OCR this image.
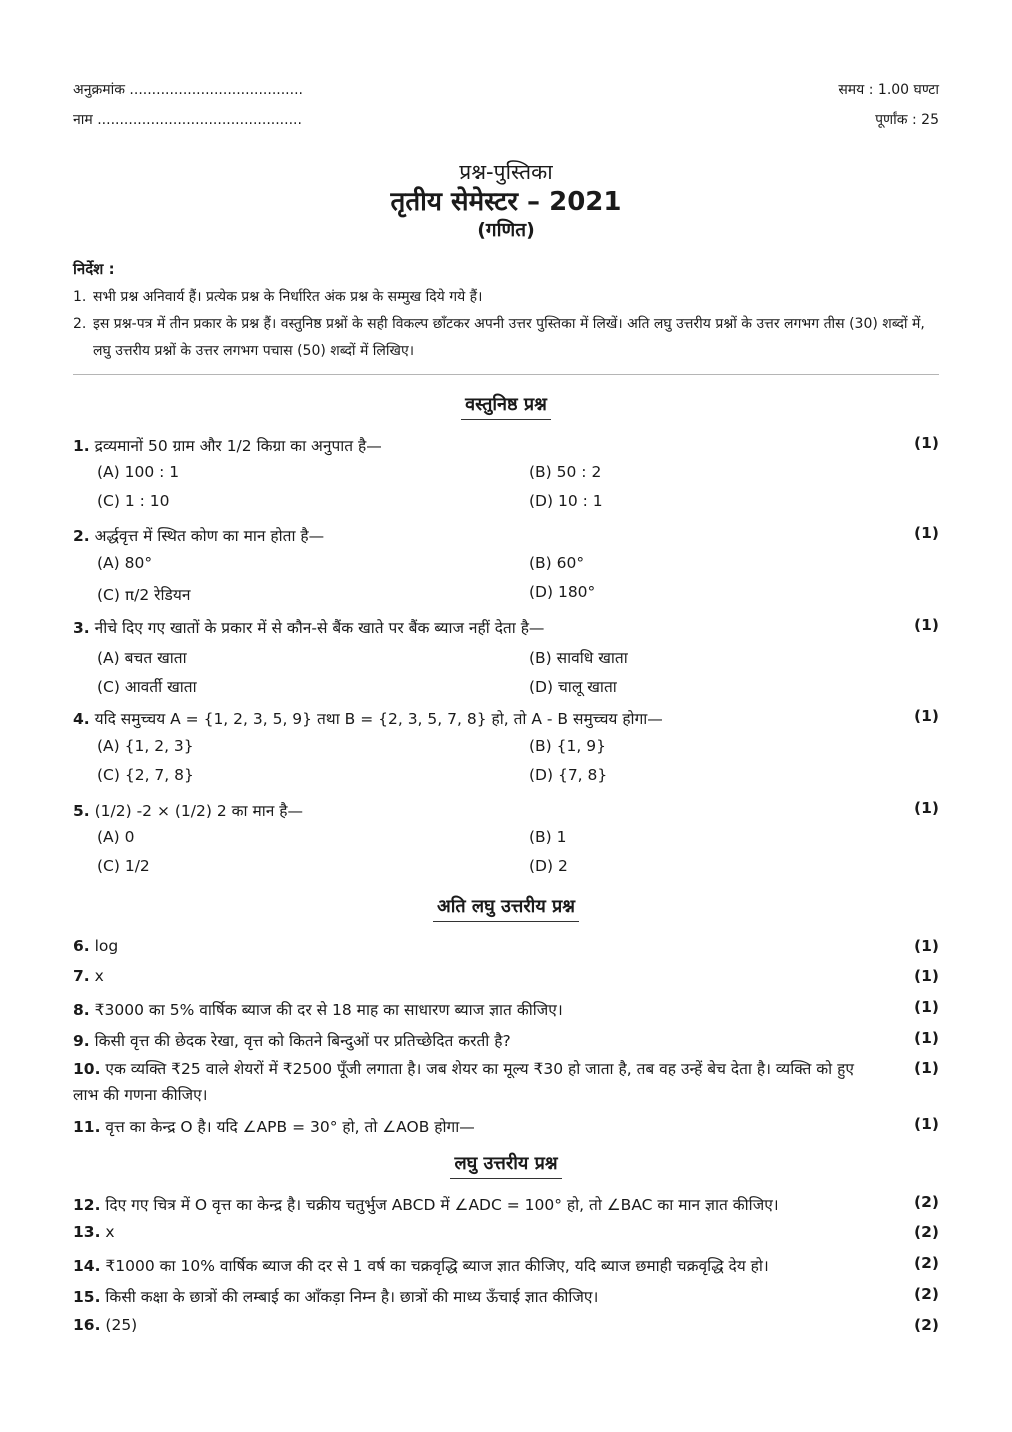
अनुक्रमांक .......................................
नाम ..............................................
समय : 1.00 घण्टा
पूर्णांक : 25
प्रश्न-पुस्तिका
तृतीय सेमेस्टर – 2021
(गणित)
निर्देश :
1. सभी प्रश्न अनिवार्य हैं। प्रत्येक प्रश्न के निर्धारित अंक प्रश्न के सम्मुख दिये गये हैं।
2. इस प्रश्न-पत्र में तीन प्रकार के प्रश्न हैं। वस्तुनिष्ठ प्रश्नों के सही विकल्प छाँटकर अपनी उत्तर पुस्तिका में लिखें। अति लघु उत्तरीय प्रश्नों के उत्तर लगभग तीस (30) शब्दों में, लघु उत्तरीय प्रश्नों के उत्तर लगभग पचास (50) शब्दों में लिखिए।
वस्तुनिष्ठ प्रश्न
1. द्रव्यमानों 50 ग्राम और 1/2 किग्रा का अनुपात है—	(1)
(A) 100 : 1	(B) 50 : 2
(C) 1 : 10	(D) 10 : 1
2. अर्द्धवृत्त में स्थित कोण का मान होता है—	(1)
(A) 80°	(B) 60°
(C) π/2 रेडियन	(D) 180°
3. नीचे दिए गए खातों के प्रकार में से कौन-से बैंक खाते पर बैंक ब्याज नहीं देता है—	(1)
(A) बचत खाता	(B) सावधि खाता
(C) आवर्ती खाता	(D) चालू खाता
4. यदि समुच्चय A = {1, 2, 3, 5, 9} तथा B = {2, 3, 5, 7, 8} हो, तो A - B समुच्चय होगा—	(1)
(A) {1, 2, 3}	(B) {1, 9}
(C) {2, 7, 8}	(D) {7, 8}
5. (1/2) -2 × (1/2) 2 का मान है—	(1)
(A) 0	(B) 1
(C) 1/2	(D) 2
अति लघु उत्तरीय प्रश्न
6. log	(1)
7. x	(1)
8. ₹3000 का 5% वार्षिक ब्याज की दर से 18 माह का साधारण ब्याज ज्ञात कीजिए।	(1)
9. किसी वृत्त की छेदक रेखा, वृत्त को कितने बिन्दुओं पर प्रतिच्छेदित करती है?	(1)
10. एक व्यक्ति ₹25 वाले शेयरों में ₹2500 पूँजी लगाता है। जब शेयर का मूल्य ₹30 हो जाता है, तब वह उन्हें बेच देता है। व्यक्ति को हुए लाभ की गणना कीजिए।
(1)
11. वृत्त का केन्द्र O है। यदि ∠APB = 30° हो, तो ∠AOB होगा—	(1)
लघु उत्तरीय प्रश्न
12. दिए गए चित्र में O वृत्त का केन्द्र है। चक्रीय चतुर्भुज ABCD में ∠ADC = 100° हो, तो ∠BAC का मान ज्ञात कीजिए।	(2)
13. x	(2)
14. ₹1000 का 10% वार्षिक ब्याज की दर से 1 वर्ष का चक्रवृद्धि ब्याज ज्ञात कीजिए, यदि ब्याज छमाही चक्रवृद्धि देय हो।	(2)
15. किसी कक्षा के छात्रों की लम्बाई का आँकड़ा निम्न है। छात्रों की माध्य ऊँचाई ज्ञात कीजिए।	(2)
16. (25)	(2)
